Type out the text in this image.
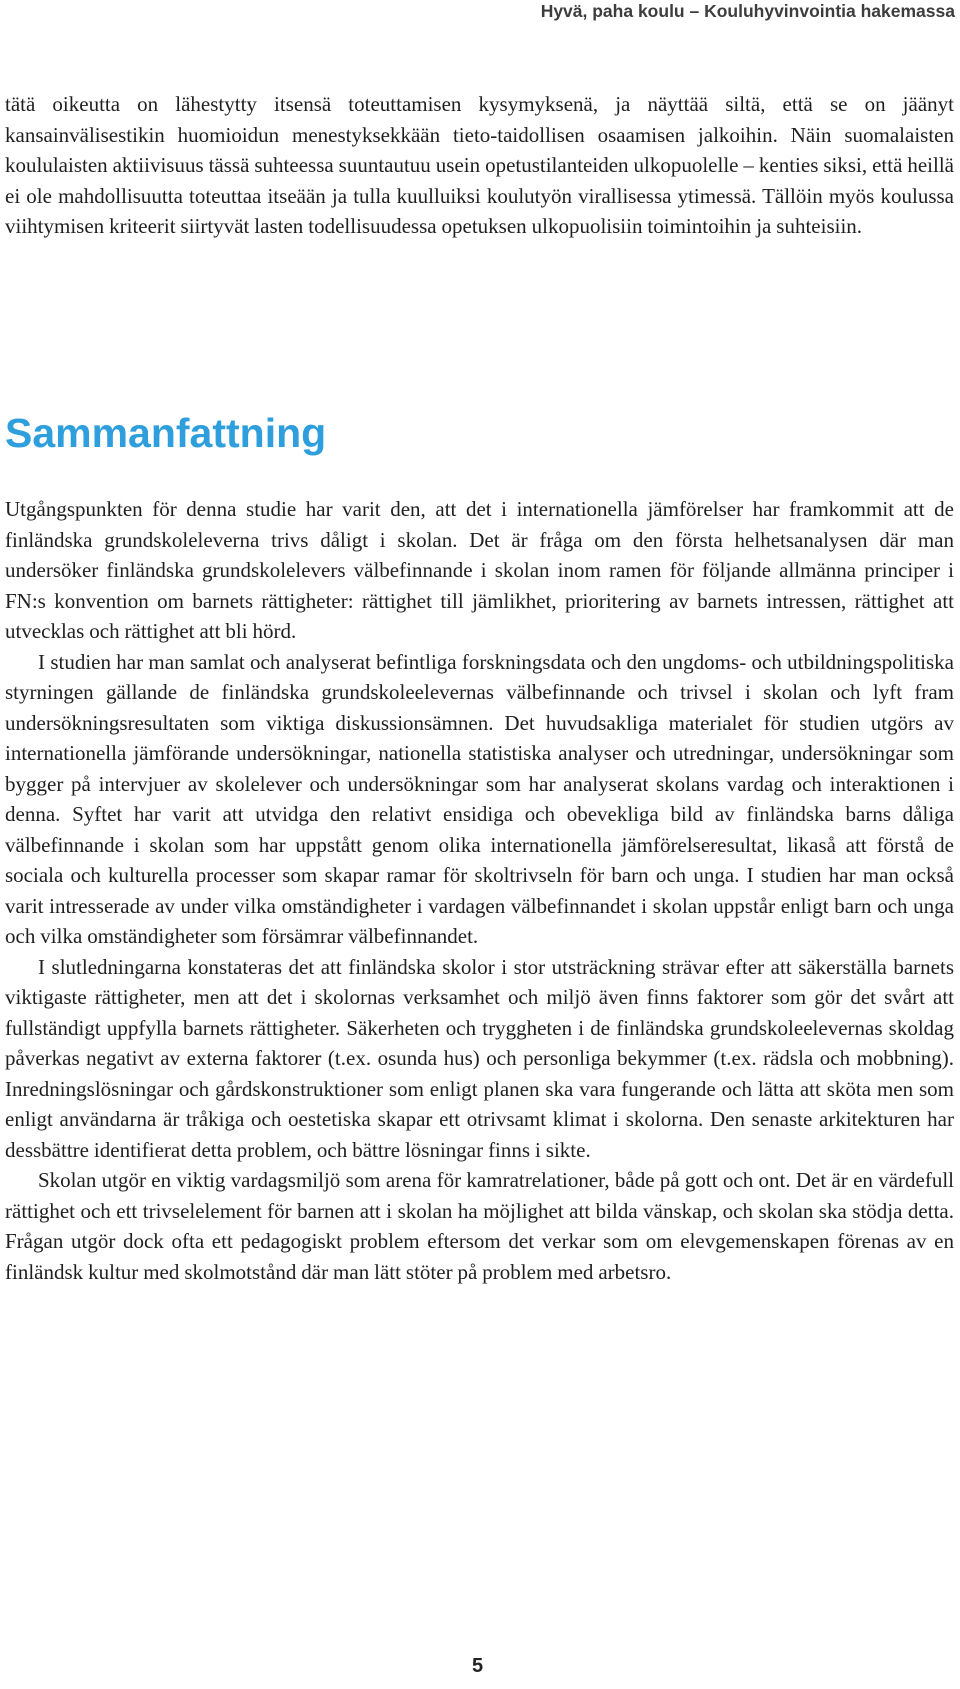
Hyvä, paha koulu – Kouluhyvinvointia hakemassa

tätä oikeutta on lähestytty itsensä toteuttamisen kysymyksenä, ja näyttää siltä, että se on jäänyt kansainvälisestikin huomioidun menestyksekkään tieto-taidollisen osaamisen jalkoihin. Näin suomalaisten koululaisten aktiivisuus tässä suhteessa suuntautuu usein opetustilanteiden ulkopuolelle – kenties siksi, että heillä ei ole mahdollisuutta toteuttaa itseään ja tulla kuulluiksi koulutyön virallisessa ytimessä. Tällöin myös koulussa viihtymisen kriteerit siirtyvät lasten todellisuudessa opetuksen ulkopuolisiin toimintoihin ja suhteisiin.

Sammanfattning

Utgångspunkten för denna studie har varit den, att det i internationella jämförelser har framkommit att de finländska grundskoleleverna trivs dåligt i skolan. Det är fråga om den första helhetsanalysen där man undersöker finländska grundskolelevers välbefinnande i skolan inom ramen för följande allmänna principer i FN:s konvention om barnets rättigheter: rättighet till jämlikhet, prioritering av barnets intressen, rättighet att utvecklas och rättighet att bli hörd.

I studien har man samlat och analyserat befintliga forskningsdata och den ungdoms- och utbildningspolitiska styrningen gällande de finländska grundskoleelevernas välbefinnande och trivsel i skolan och lyft fram undersökningsresultaten som viktiga diskussionsämnen. Det huvudsakliga materialet för studien utgörs av internationella jämförande undersökningar, nationella statistiska analyser och utredningar, undersökningar som bygger på intervjuer av skolelever och undersökningar som har analyserat skolans vardag och interaktionen i denna. Syftet har varit att utvidga den relativt ensidiga och obevekliga bild av finländska barns dåliga välbefinnande i skolan som har uppstått genom olika internationella jämförelseresultat, likaså att förstå de sociala och kulturella processer som skapar ramar för skoltrivseln för barn och unga. I studien har man också varit intresserade av under vilka omständigheter i vardagen välbefinnandet i skolan uppstår enligt barn och unga och vilka omständigheter som försämrar välbefinnandet.

I slutledningarna konstateras det att finländska skolor i stor utsträckning strävar efter att säkerställa barnets viktigaste rättigheter, men att det i skolornas verksamhet och miljö även finns faktorer som gör det svårt att fullständigt uppfylla barnets rättigheter. Säkerheten och tryggheten i de finländska grundskoleelevernas skoldag påverkas negativt av externa faktorer (t.ex. osunda hus) och personliga bekymmer (t.ex. rädsla och mobbning). Inredningslösningar och gårdskonstruktioner som enligt planen ska vara fungerande och lätta att sköta men som enligt användarna är tråkiga och oestetiska skapar ett otrivsamt klimat i skolorna. Den senaste arkitekturen har dessbättre identifierat detta problem, och bättre lösningar finns i sikte.

Skolan utgör en viktig vardagsmiljö som arena för kamratrelationer, både på gott och ont. Det är en värdefull rättighet och ett trivselelement för barnen att i skolan ha möjlighet att bilda vänskap, och skolan ska stödja detta. Frågan utgör dock ofta ett pedagogiskt problem eftersom det verkar som om elevgemenskapen förenas av en finländsk kultur med skolmotstånd där man lätt stöter på problem med arbetsro.

5
